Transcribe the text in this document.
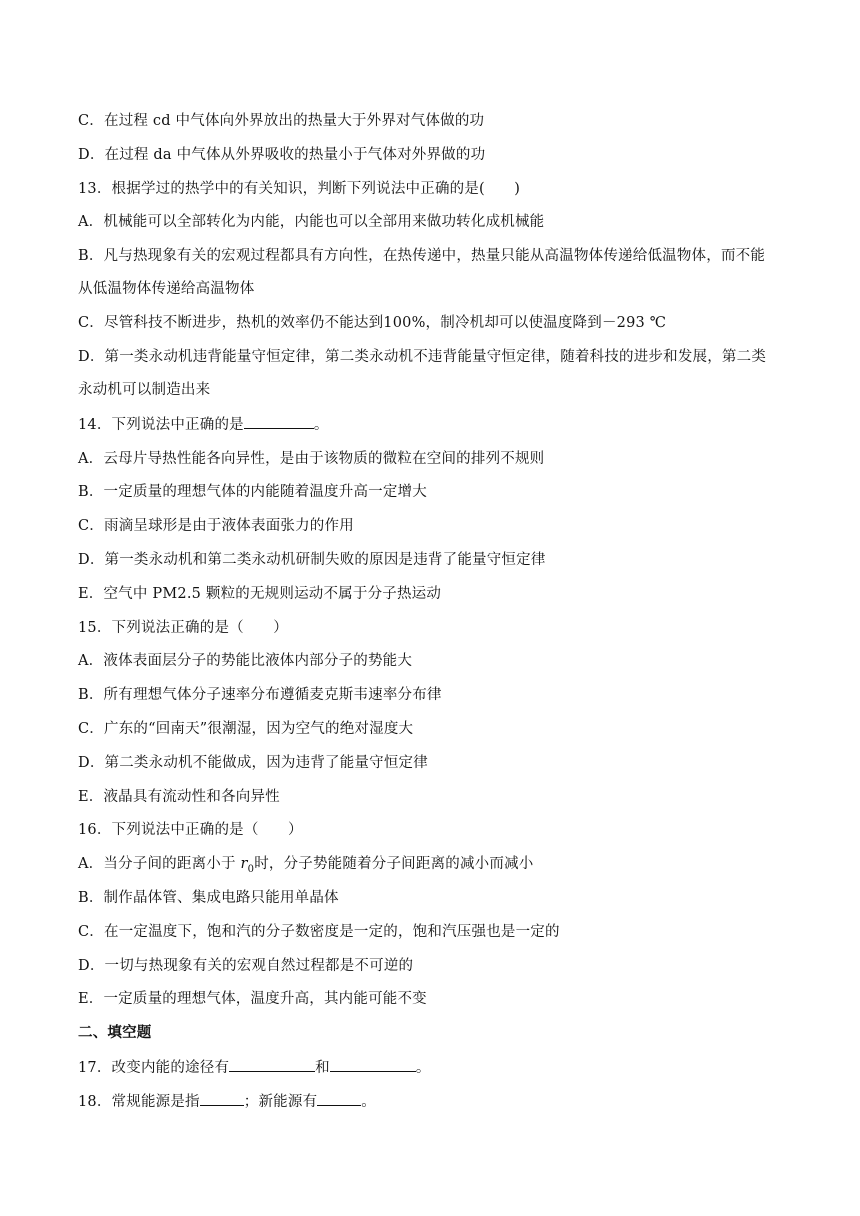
C．在过程 cd 中气体向外界放出的热量大于外界对气体做的功
D．在过程 da 中气体从外界吸收的热量小于气体对外界做的功
13．根据学过的热学中的有关知识，判断下列说法中正确的是(　　)
A．机械能可以全部转化为内能，内能也可以全部用来做功转化成机械能
B．凡与热现象有关的宏观过程都具有方向性，在热传递中，热量只能从高温物体传递给低温物体，而不能
从低温物体传递给高温物体
C．尽管科技不断进步，热机的效率仍不能达到100%，制冷机却可以使温度降到－293 ℃
D．第一类永动机违背能量守恒定律，第二类永动机不违背能量守恒定律，随着科技的进步和发展，第二类
永动机可以制造出来
14．下列说法中正确的是	。
A．云母片导热性能各向异性，是由于该物质的微粒在空间的排列不规则
B．一定质量的理想气体的内能随着温度升高一定增大
C．雨滴呈球形是由于液体表面张力的作用
D．第一类永动机和第二类永动机研制失败的原因是违背了能量守恒定律
E．空气中 PM2.5 颗粒的无规则运动不属于分子热运动
15．下列说法正确的是（　　）
A．液体表面层分子的势能比液体内部分子的势能大
B．所有理想气体分子速率分布遵循麦克斯韦速率分布律
C．广东的“回南天”很潮湿，因为空气的绝对湿度大
D．第二类永动机不能做成，因为违背了能量守恒定律
E．液晶具有流动性和各向异性
16．下列说法中正确的是（　　）
A．当分子间的距离小于 $r_0$时，分子势能随着分子间距离的减小而减小
B．制作晶体管、集成电路只能用单晶体
C．在一定温度下，饱和汽的分子数密度是一定的，饱和汽压强也是一定的
D．一切与热现象有关的宏观自然过程都是不可逆的
E．一定质量的理想气体，温度升高，其内能可能不变
二、填空题
17．改变内能的途径有	和	。
18．常规能源是指	；新能源有	。
